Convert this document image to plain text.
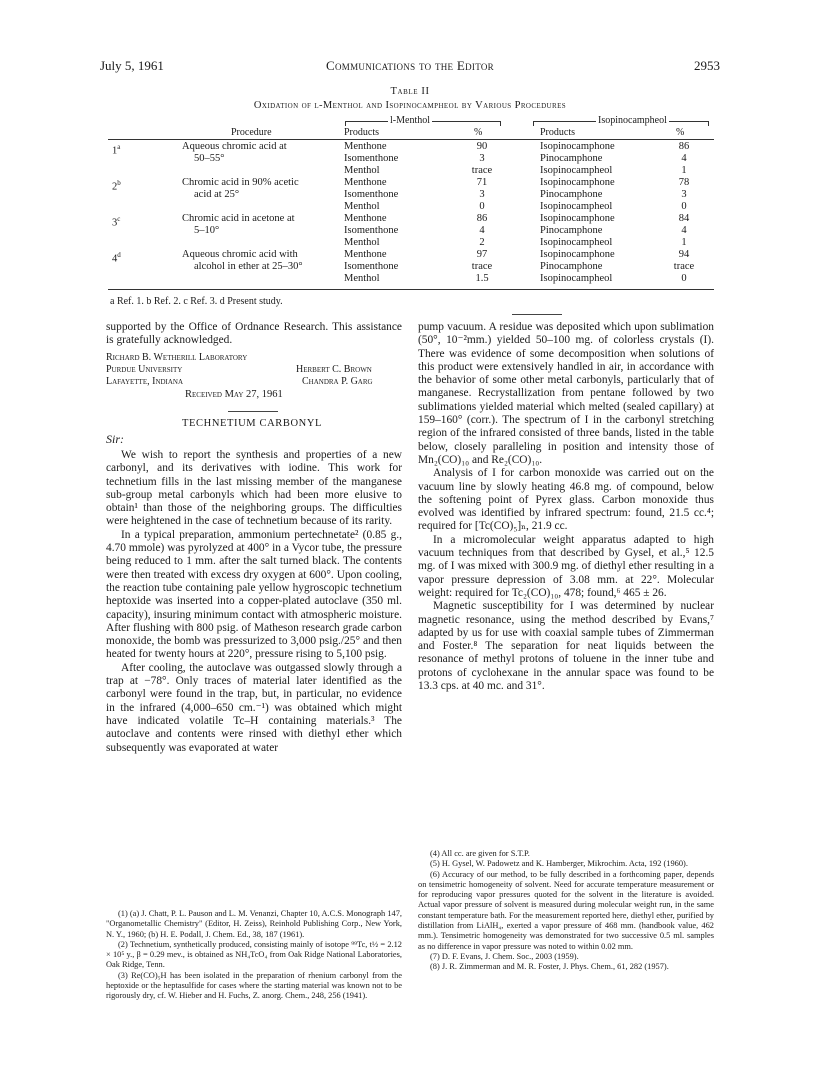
July 5, 1961	Communications to the Editor	2953
Table II
Oxidation of l-Menthol and Isopinocampheol by Various Procedures
l-Menthol	Isopinocampheol
Procedure	Products	%	Products	%
1$^a$	Aqueous chromic acid at
50–55°
Menthone	90	Isopinocamphone	86
Isomenthone	3	Pinocamphone	4
Menthol	trace	Isopinocampheol	1
2$^b$	Chromic acid in 90% acetic
acid at 25°
Menthone	71	Isopinocamphone	78
Isomenthone	3	Pinocamphone	3
Menthol	0	Isopinocampheol	0
3$^c$	Chromic acid in acetone at
5–10°
Menthone	86	Isopinocamphone	84
Isomenthone	4	Pinocamphone	4
Menthol	2	Isopinocampheol	1
4$^d$	Aqueous chromic acid with
alcohol in ether at 25–30°
Menthone	97	Isopinocamphone	94
Isomenthone	trace	Pinocamphone	trace
Menthol	1.5	Isopinocampheol	0
a Ref. 1. b Ref. 2. c Ref. 3. d Present study.

supported by the Office of Ordnance Research. This assistance is gratefully acknowledged.

Richard B. Wetherill Laboratory
Purdue University
Lafayette, Indiana
Herbert C. Brown
Chandra P. Garg
Received May 27, 1961
TECHNETIUM CARBONYL
Sir:

We wish to report the synthesis and properties of a new carbonyl, and its derivatives with iodine. This work for technetium fills in the last missing member of the manganese sub-group metal carbonyls which had been more elusive to obtain¹ than those of the neighboring groups. The difficulties were heightened in the case of technetium because of its rarity.

In a typical preparation, ammonium pertechnetate² (0.85 g., 4.70 mmole) was pyrolyzed at 400° in a Vycor tube, the pressure being reduced to 1 mm. after the salt turned black. The contents were then treated with excess dry oxygen at 600°. Upon cooling, the reaction tube containing pale yellow hygroscopic technetium heptoxide was inserted into a copper-plated autoclave (350 ml. capacity), insuring minimum contact with atmospheric moisture. After flushing with 800 psig. of Matheson research grade carbon monoxide, the bomb was pressurized to 3,000 psig./25° and then heated for twenty hours at 220°, pressure rising to 5,100 psig.

After cooling, the autoclave was outgassed slowly through a trap at −78°. Only traces of material later identified as the carbonyl were found in the trap, but, in particular, no evidence in the infrared (4,000–650 cm.⁻¹) was obtained which might have indicated volatile Tc–H containing materials.³ The autoclave and contents were rinsed with diethyl ether which subsequently was evaporated at water

(1) (a) J. Chatt, P. L. Pauson and L. M. Venanzi, Chapter 10, A.C.S. Monograph 147, "Organometallic Chemistry" (Editor, H. Zeiss), Reinhold Publishing Corp., New York, N. Y., 1960; (b) H. E. Podall, J. Chem. Ed., 38, 187 (1961).

(2) Technetium, synthetically produced, consisting mainly of isotope ⁹⁹Tc, t½ = 2.12 × 10⁵ y., β = 0.29 mev., is obtained as NH₄TcO₄ from Oak Ridge National Laboratories, Oak Ridge, Tenn.

(3) Re(CO)₅H has been isolated in the preparation of rhenium carbonyl from the heptoxide or the heptasulfide for cases where the starting material was known not to be rigorously dry, cf. W. Hieber and H. Fuchs, Z. anorg. Chem., 248, 256 (1941).

pump vacuum. A residue was deposited which upon sublimation (50°, 10⁻²mm.) yielded 50–100 mg. of colorless crystals (I). There was evidence of some decomposition when solutions of this product were extensively handled in air, in accordance with the behavior of some other metal carbonyls, particularly that of manganese. Recrystallization from pentane followed by two sublimations yielded material which melted (sealed capillary) at 159–160° (corr.). The spectrum of I in the carbonyl stretching region of the infrared consisted of three bands, listed in the table below, closely paralleling in position and intensity those of Mn₂(CO)₁₀ and Re₂(CO)₁₀.

Analysis of I for carbon monoxide was carried out on the vacuum line by slowly heating 46.8 mg. of compound, below the softening point of Pyrex glass. Carbon monoxide thus evolved was identified by infrared spectrum: found, 21.5 cc.⁴; required for [Tc(CO)₅]ₙ, 21.9 cc.

In a micromolecular weight apparatus adapted to high vacuum techniques from that described by Gysel, et al.,⁵ 12.5 mg. of I was mixed with 300.9 mg. of diethyl ether resulting in a vapor pressure depression of 3.08 mm. at 22°. Molecular weight: required for Tc₂(CO)₁₀, 478; found,⁶ 465 ± 26.

Magnetic susceptibility for I was determined by nuclear magnetic resonance, using the method described by Evans,⁷ adapted by us for use with coaxial sample tubes of Zimmerman and Foster.⁸ The separation for neat liquids between the resonance of methyl protons of toluene in the inner tube and protons of cyclohexane in the annular space was found to be 13.3 cps. at 40 mc. and 31°.

(4) All cc. are given for S.T.P.

(5) H. Gysel, W. Padowetz and K. Hamberger, Mikrochim. Acta, 192 (1960).

(6) Accuracy of our method, to be fully described in a forthcoming paper, depends on tensimetric homogeneity of solvent. Need for accurate temperature measurement or for reproducing vapor pressures quoted for the solvent in the literature is avoided. Actual vapor pressure of solvent is measured during molecular weight run, in the same constant temperature bath. For the measurement reported here, diethyl ether, purified by distillation from LiAlH₄, exerted a vapor pressure of 468 mm. (handbook value, 462 mm.). Tensimetric homogeneity was demonstrated for two successive 0.5 ml. samples as no difference in vapor pressure was noted to within 0.02 mm.

(7) D. F. Evans, J. Chem. Soc., 2003 (1959).

(8) J. R. Zimmerman and M. R. Foster, J. Phys. Chem., 61, 282 (1957).
